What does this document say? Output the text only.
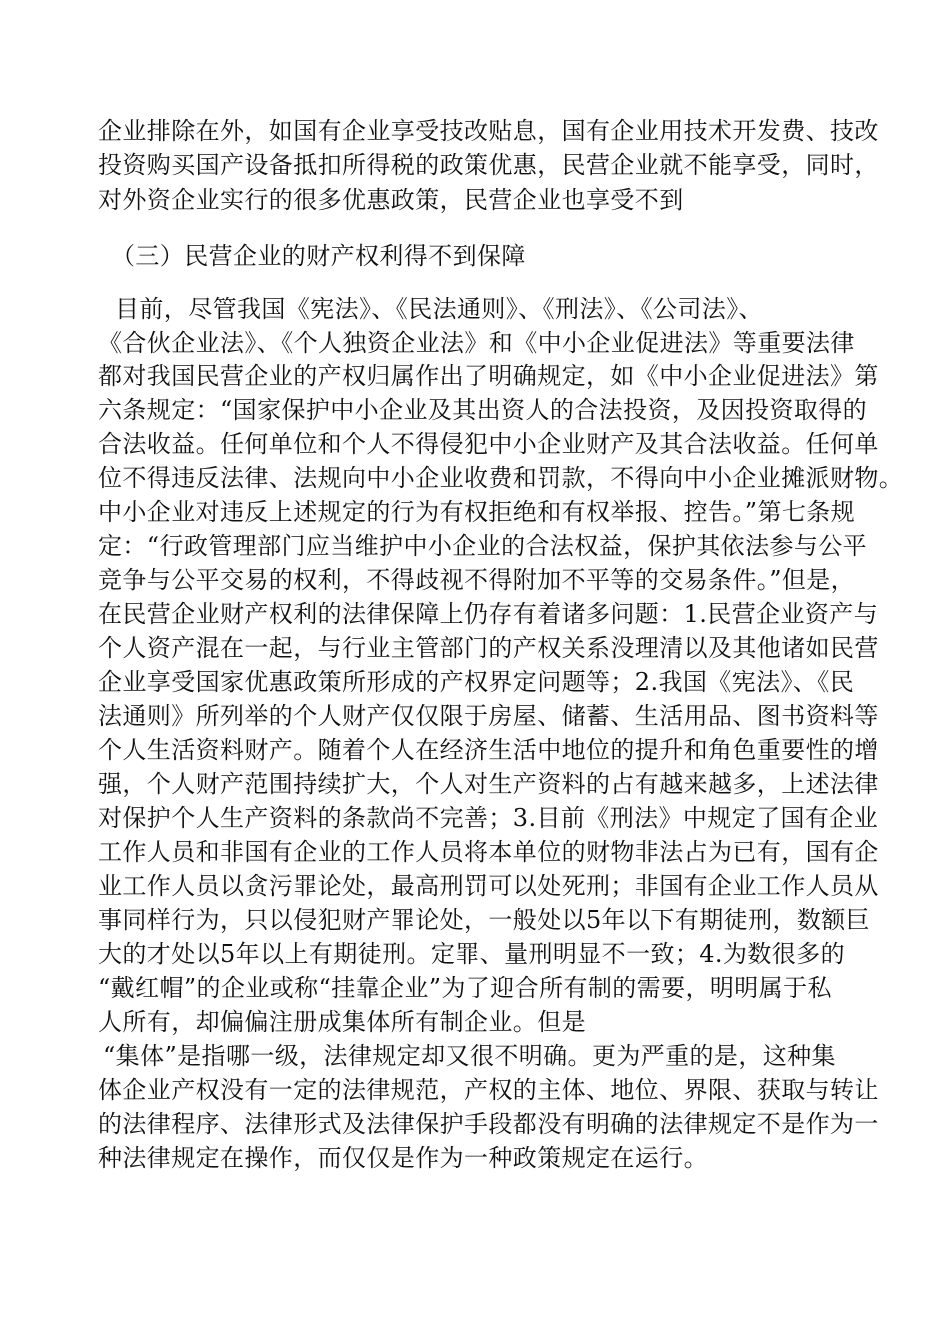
企业排除在外，如国有企业享受技改贴息，国有企业用技术开发费、技改
投资购买国产设备抵扣所得税的政策优惠，民营企业就不能享受，同时，
对外资企业实行的很多优惠政策，民营企业也享受不到
（三）民营企业的财产权利得不到保障
目前，尽管我国《宪法》、《民法通则》、《刑法》、《公司法》、
《合伙企业法》、《个人独资企业法》和《中小企业促进法》等重要法律
都对我国民营企业的产权归属作出了明确规定，如《中小企业促进法》第
六条规定：“国家保护中小企业及其出资人的合法投资，及因投资取得的
合法收益。任何单位和个人不得侵犯中小企业财产及其合法收益。任何单
位不得违反法律、法规向中小企业收费和罚款，不得向中小企业摊派财物。
中小企业对违反上述规定的行为有权拒绝和有权举报、控告。”第七条规
定：“行政管理部门应当维护中小企业的合法权益，保护其依法参与公平
竞争与公平交易的权利，不得歧视不得附加不平等的交易条件。”但是，
在民营企业财产权利的法律保障上仍存有着诸多问题：1.民营企业资产与
个人资产混在一起，与行业主管部门的产权关系没理清以及其他诸如民营
企业享受国家优惠政策所形成的产权界定问题等；2.我国《宪法》、《民
法通则》所列举的个人财产仅仅限于房屋、储蓄、生活用品、图书资料等
个人生活资料财产。随着个人在经济生活中地位的提升和角色重要性的增
强，个人财产范围持续扩大，个人对生产资料的占有越来越多，上述法律
对保护个人生产资料的条款尚不完善；3.目前《刑法》中规定了国有企业
工作人员和非国有企业的工作人员将本单位的财物非法占为已有，国有企
业工作人员以贪污罪论处，最高刑罚可以处死刑；非国有企业工作人员从
事同样行为，只以侵犯财产罪论处，一般处以5年以下有期徒刑，数额巨
大的才处以5年以上有期徒刑。定罪、量刑明显不一致；4.为数很多的
“戴红帽”的企业或称“挂靠企业”为了迎合所有制的需要，明明属于私
人所有，却偏偏注册成集体所有制企业。但是
“集体”是指哪一级，法律规定却又很不明确。更为严重的是，这种集
体企业产权没有一定的法律规范，产权的主体、地位、界限、获取与转让
的法律程序、法律形式及法律保护手段都没有明确的法律规定不是作为一
种法律规定在操作，而仅仅是作为一种政策规定在运行。
